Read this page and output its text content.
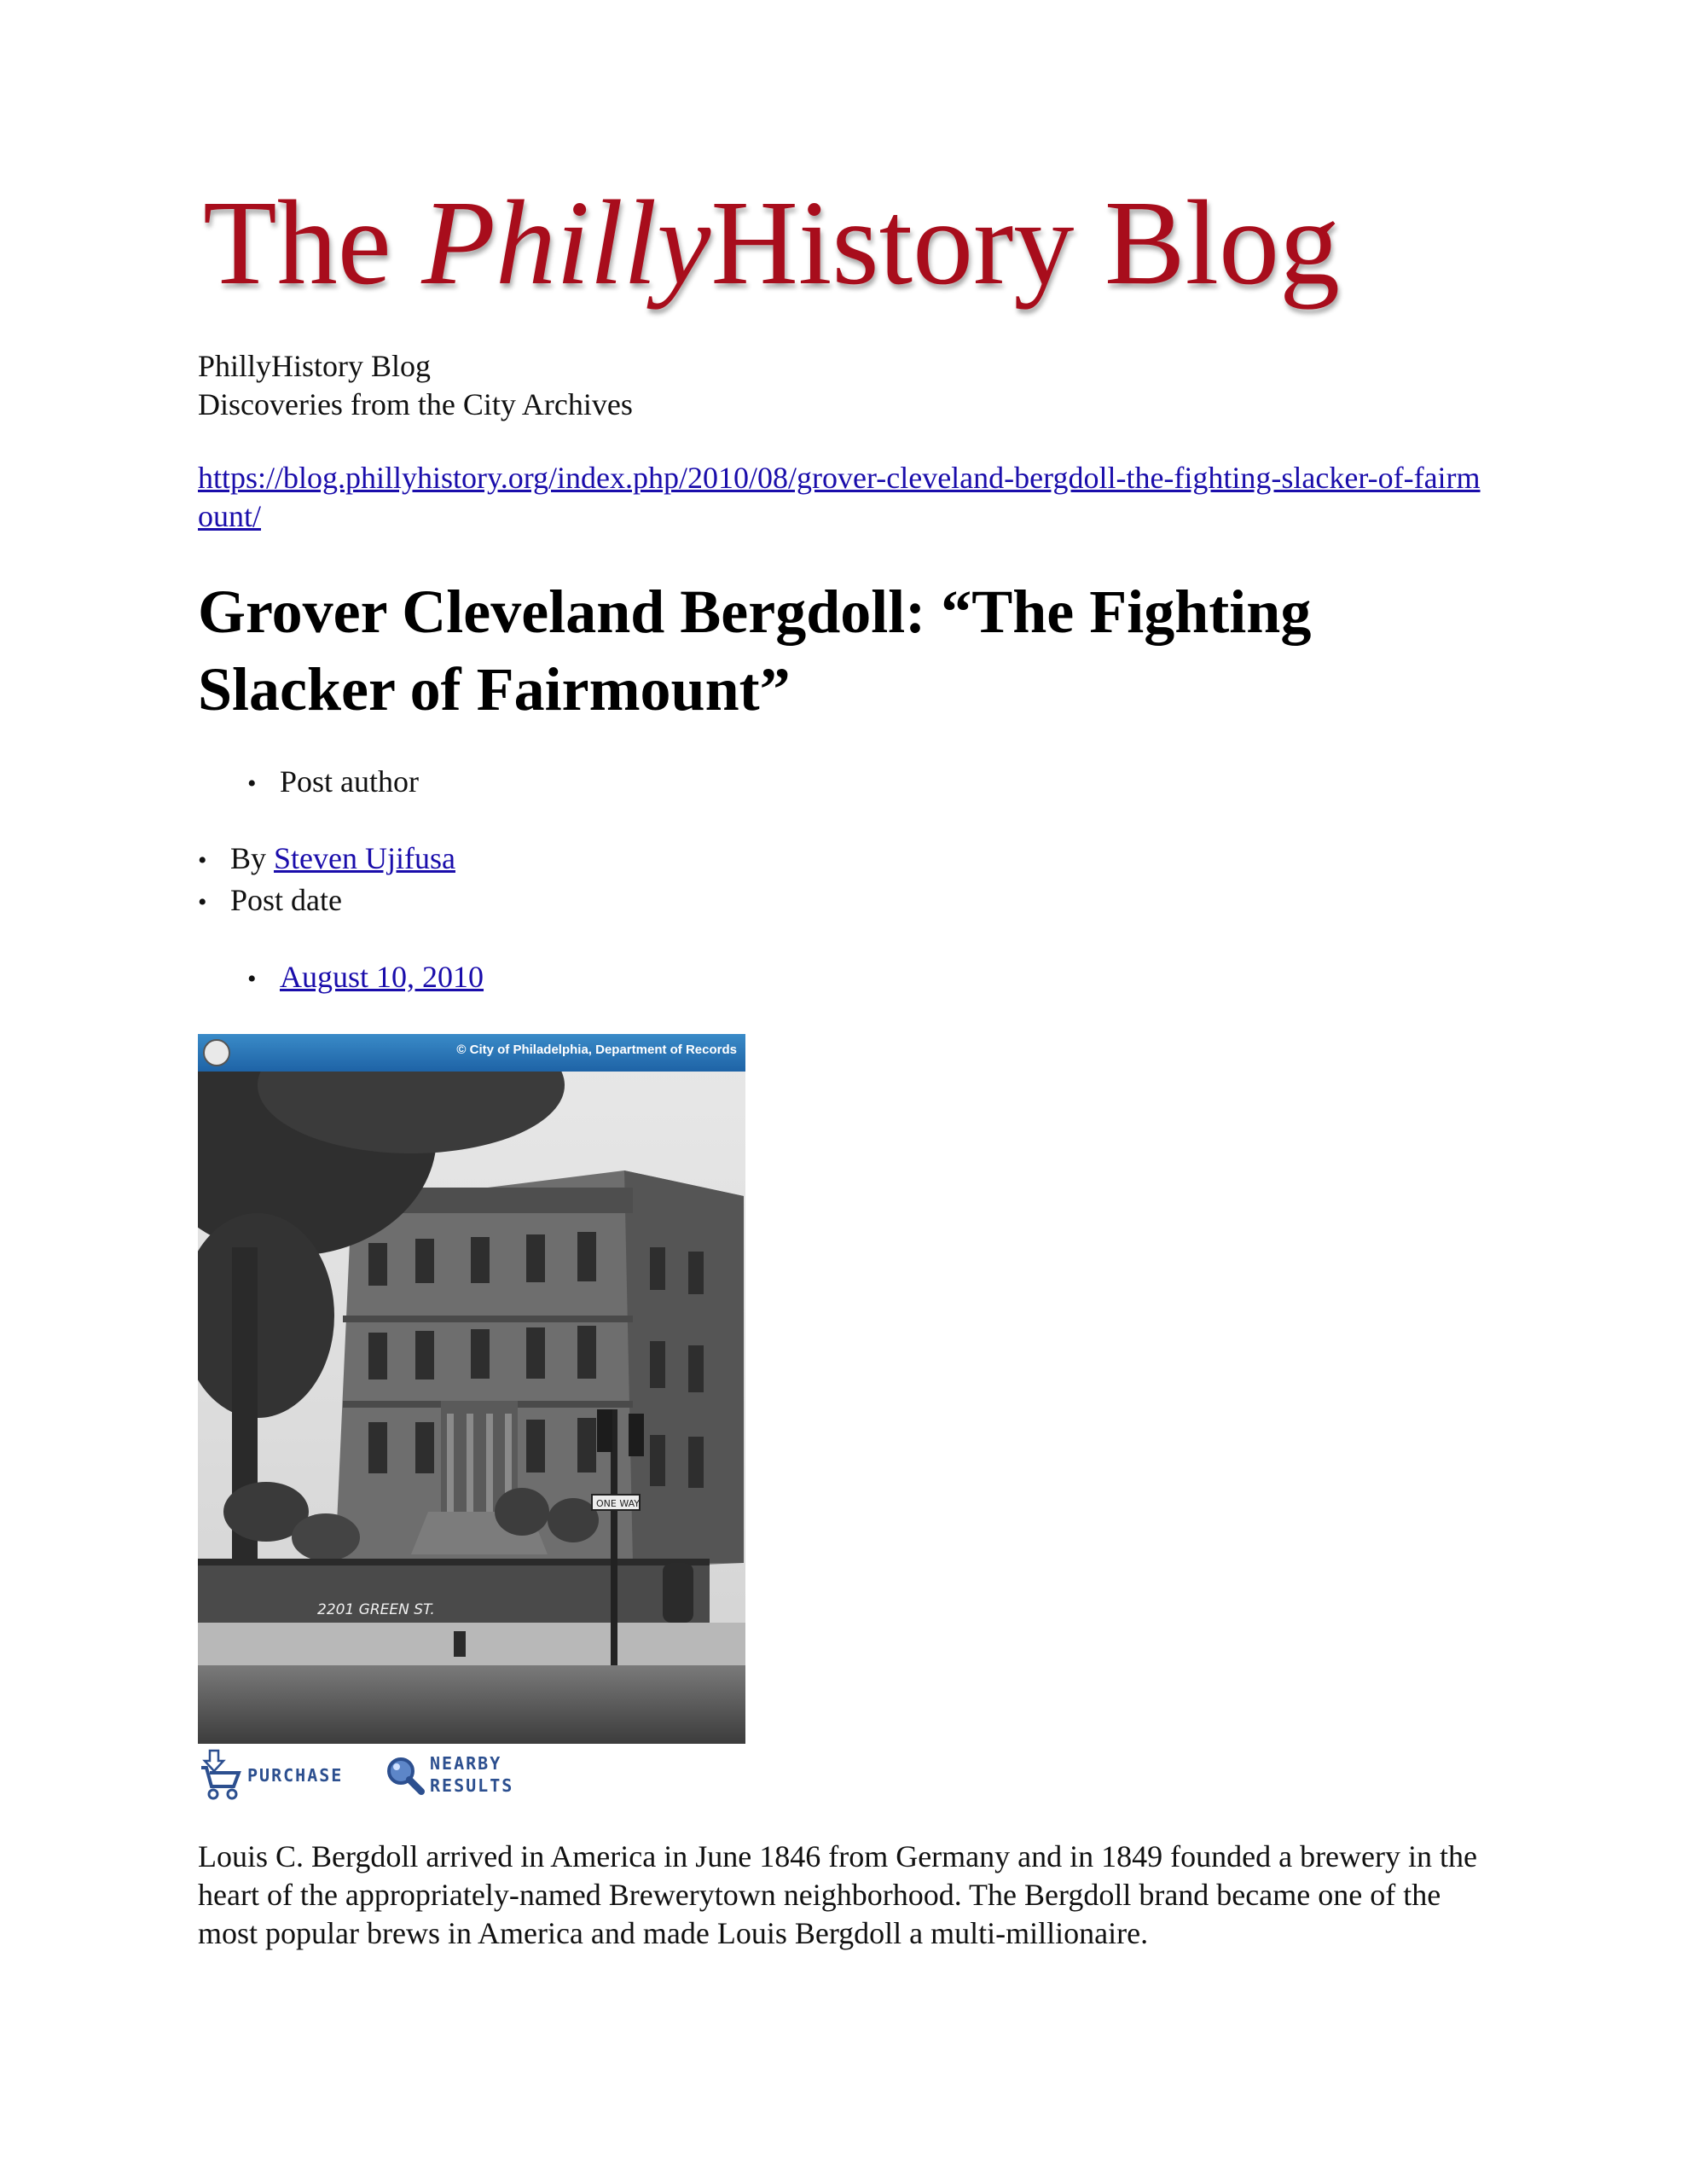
The PhillyHistory Blog
PhillyHistory Blog
Discoveries from the City Archives
https://blog.phillyhistory.org/index.php/2010/08/grover-cleveland-bergdoll-the-fighting-slacker-of-fairmount/
Grover Cleveland Bergdoll: “The Fighting
Slacker of Fairmount”
• Post author
• By Steven Ujifusa
• Post date
• August 10, 2010
ONE WAY
2201 GREEN ST.
© City of Philadelphia, Department of Records
PURCHASE
NEARBY
RESULTS

Louis C. Bergdoll arrived in America in June 1846 from Germany and in 1849 founded a brewery in the heart of the appropriately-named Brewerytown neighborhood. The Bergdoll brand became one of the most popular brews in America and made Louis Bergdoll a multi-millionaire.
